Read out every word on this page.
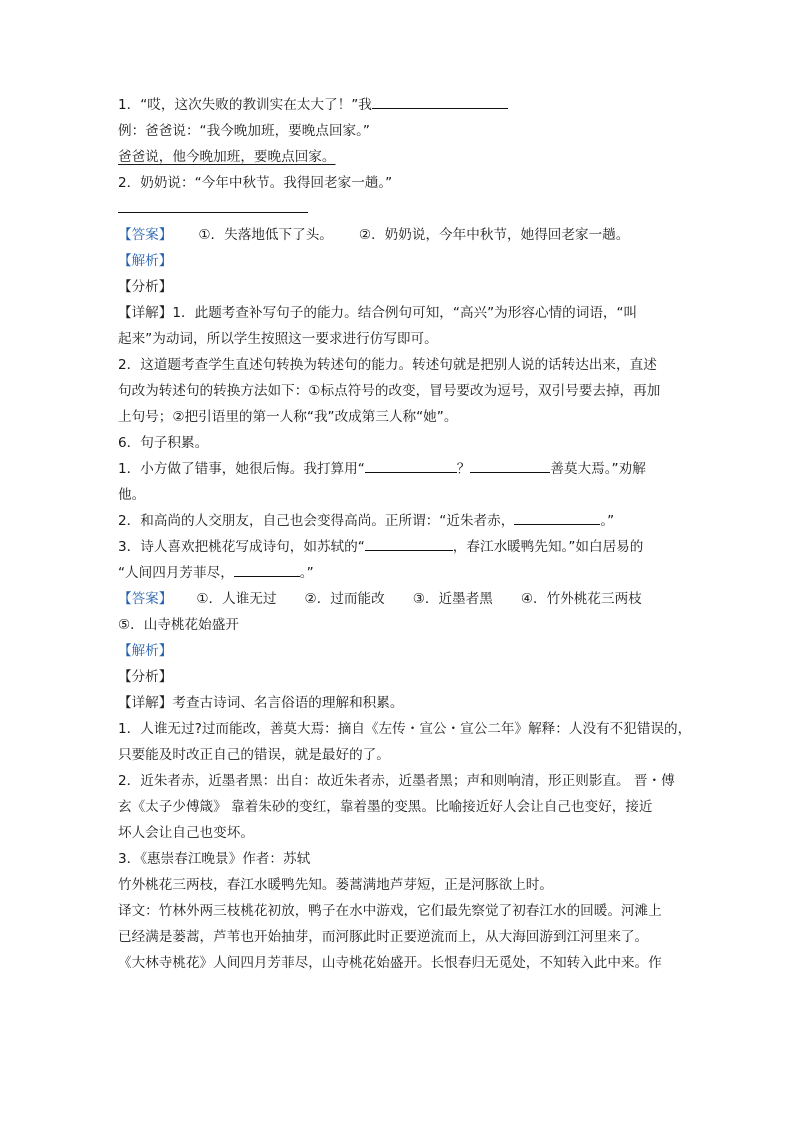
1．“哎，这次失败的教训实在太大了！”我
例：爸爸说：“我今晚加班，要晚点回家。”
爸爸说，他今晚加班，要晚点回家。
2．奶奶说：“今年中秋节。我得回老家一趟。”
【答案】 ①．失落地低下了头。 ②．奶奶说，今年中秋节，她得回老家一趟。
【解析】
【分析】
【详解】1．此题考查补写句子的能力。结合例句可知，“高兴”为形容心情的词语，“叫
起来”为动词，所以学生按照这一要求进行仿写即可。
2．这道题考查学生直述句转换为转述句的能力。转述句就是把别人说的话转达出来，直述
句改为转述句的转换方法如下：①标点符号的改变，冒号要改为逗号，双引号要去掉，再加
上句号；②把引语里的第一人称“我”改成第三人称“她”。
6．句子积累。
1．小方做了错事，她很后悔。我打算用“	？	善莫大焉。”劝解
他。
2．和高尚的人交朋友，自己也会变得高尚。正所谓：“近朱者赤，	。”
3．诗人喜欢把桃花写成诗句，如苏轼的“	，春江水暖鸭先知。”如白居易的
“人间四月芳菲尽，	。”
【答案】 ①．人谁无过 ②．过而能改 ③．近墨者黑 ④．竹外桃花三两枝
⑤．山寺桃花始盛开
【解析】
【分析】
【详解】考查古诗词、名言俗语的理解和积累。
1．人谁无过?过而能改，善莫大焉：摘自《左传・宣公・宣公二年》解释：人没有不犯错误的，
只要能及时改正自己的错误，就是最好的了。
2．近朱者赤，近墨者黑：出自：故近朱者赤，近墨者黑；声和则响清，形正则影直。 晋・傅
玄《太子少傅箴》 靠着朱砂的变红，靠着墨的变黑。比喻接近好人会让自己也变好，接近
坏人会让自己也变坏。
3．《惠崇春江晚景》作者：苏轼
竹外桃花三两枝，春江水暖鸭先知。蒌蒿满地芦芽短，正是河豚欲上时。
译文：竹林外两三枝桃花初放，鸭子在水中游戏，它们最先察觉了初春江水的回暖。河滩上
已经满是蒌蒿，芦苇也开始抽芽，而河豚此时正要逆流而上，从大海回游到江河里来了。
《大林寺桃花》人间四月芳菲尽，山寺桃花始盛开。长恨春归无觅处，不知转入此中来。作
